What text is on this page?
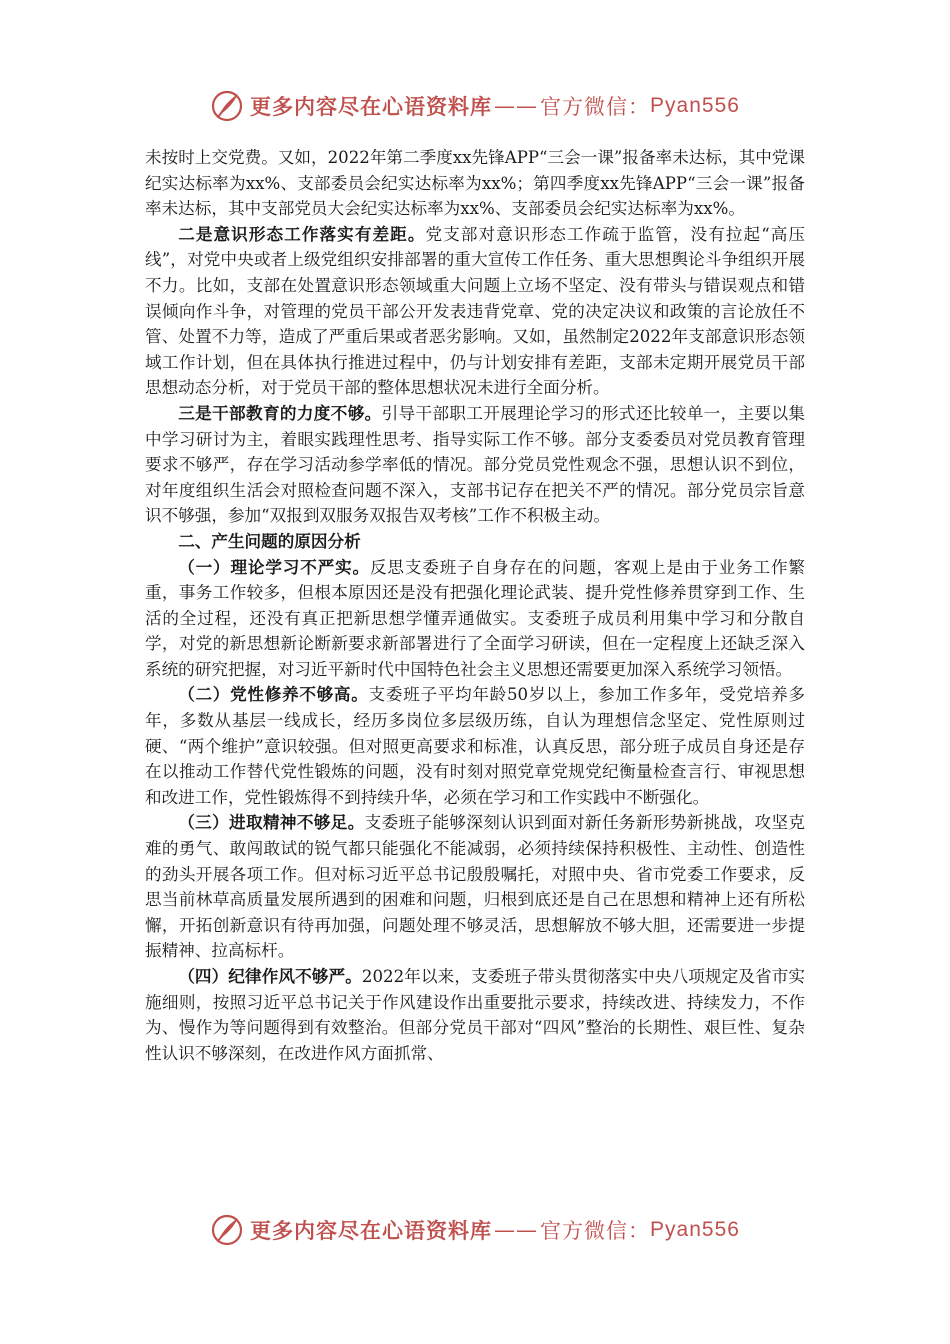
更多内容尽在心语资料库 —— 官方微信： Pyan556

未按时上交党费。又如，2022年第二季度xx先锋APP“三会一课”报备率未达标，其中党课纪实达标率为xx%、支部委员会纪实达标率为xx%；第四季度xx先锋APP“三会一课”报备率未达标，其中支部党员大会纪实达标率为xx%、支部委员会纪实达标率为xx%。

二是意识形态工作落实有差距。党支部对意识形态工作疏于监管，没有拉起“高压线”，对党中央或者上级党组织安排部署的重大宣传工作任务、重大思想舆论斗争组织开展不力。比如，支部在处置意识形态领域重大问题上立场不坚定、没有带头与错误观点和错误倾向作斗争，对管理的党员干部公开发表违背党章、党的决定决议和政策的言论放任不管、处置不力等，造成了严重后果或者恶劣影响。又如，虽然制定2022年支部意识形态领域工作计划，但在具体执行推进过程中，仍与计划安排有差距，支部未定期开展党员干部思想动态分析，对于党员干部的整体思想状况未进行全面分析。

三是干部教育的力度不够。引导干部职工开展理论学习的形式还比较单一，主要以集中学习研讨为主，着眼实践理性思考、指导实际工作不够。部分支委委员对党员教育管理要求不够严，存在学习活动参学率低的情况。部分党员党性观念不强，思想认识不到位，对年度组织生活会对照检查问题不深入，支部书记存在把关不严的情况。部分党员宗旨意识不够强，参加“双报到双服务双报告双考核”工作不积极主动。

二、产生问题的原因分析

（一）理论学习不严实。反思支委班子自身存在的问题，客观上是由于业务工作繁重，事务工作较多，但根本原因还是没有把强化理论武装、提升党性修养贯穿到工作、生活的全过程，还没有真正把新思想学懂弄通做实。支委班子成员利用集中学习和分散自学，对党的新思想新论断新要求新部署进行了全面学习研读，但在一定程度上还缺乏深入系统的研究把握，对习近平新时代中国特色社会主义思想还需要更加深入系统学习领悟。

（二）党性修养不够高。支委班子平均年龄50岁以上，参加工作多年，受党培养多年，多数从基层一线成长，经历多岗位多层级历练，自认为理想信念坚定、党性原则过硬、“两个维护”意识较强。但对照更高要求和标准，认真反思，部分班子成员自身还是存在以推动工作替代党性锻炼的问题，没有时刻对照党章党规党纪衡量检查言行、审视思想和改进工作，党性锻炼得不到持续升华，必须在学习和工作实践中不断强化。

（三）进取精神不够足。支委班子能够深刻认识到面对新任务新形势新挑战，攻坚克难的勇气、敢闯敢试的锐气都只能强化不能减弱，必须持续保持积极性、主动性、创造性的劲头开展各项工作。但对标习近平总书记殷殷嘱托，对照中央、省市党委工作要求，反思当前林草高质量发展所遇到的困难和问题，归根到底还是自己在思想和精神上还有所松懈，开拓创新意识有待再加强，问题处理不够灵活，思想解放不够大胆，还需要进一步提振精神、拉高标杆。

（四）纪律作风不够严。2022年以来，支委班子带头贯彻落实中央八项规定及省市实施细则，按照习近平总书记关于作风建设作出重要批示要求，持续改进、持续发力，不作为、慢作为等问题得到有效整治。但部分党员干部对“四风”整治的长期性、艰巨性、复杂性认识不够深刻，在改进作风方面抓常、

更多内容尽在心语资料库 —— 官方微信： Pyan556
